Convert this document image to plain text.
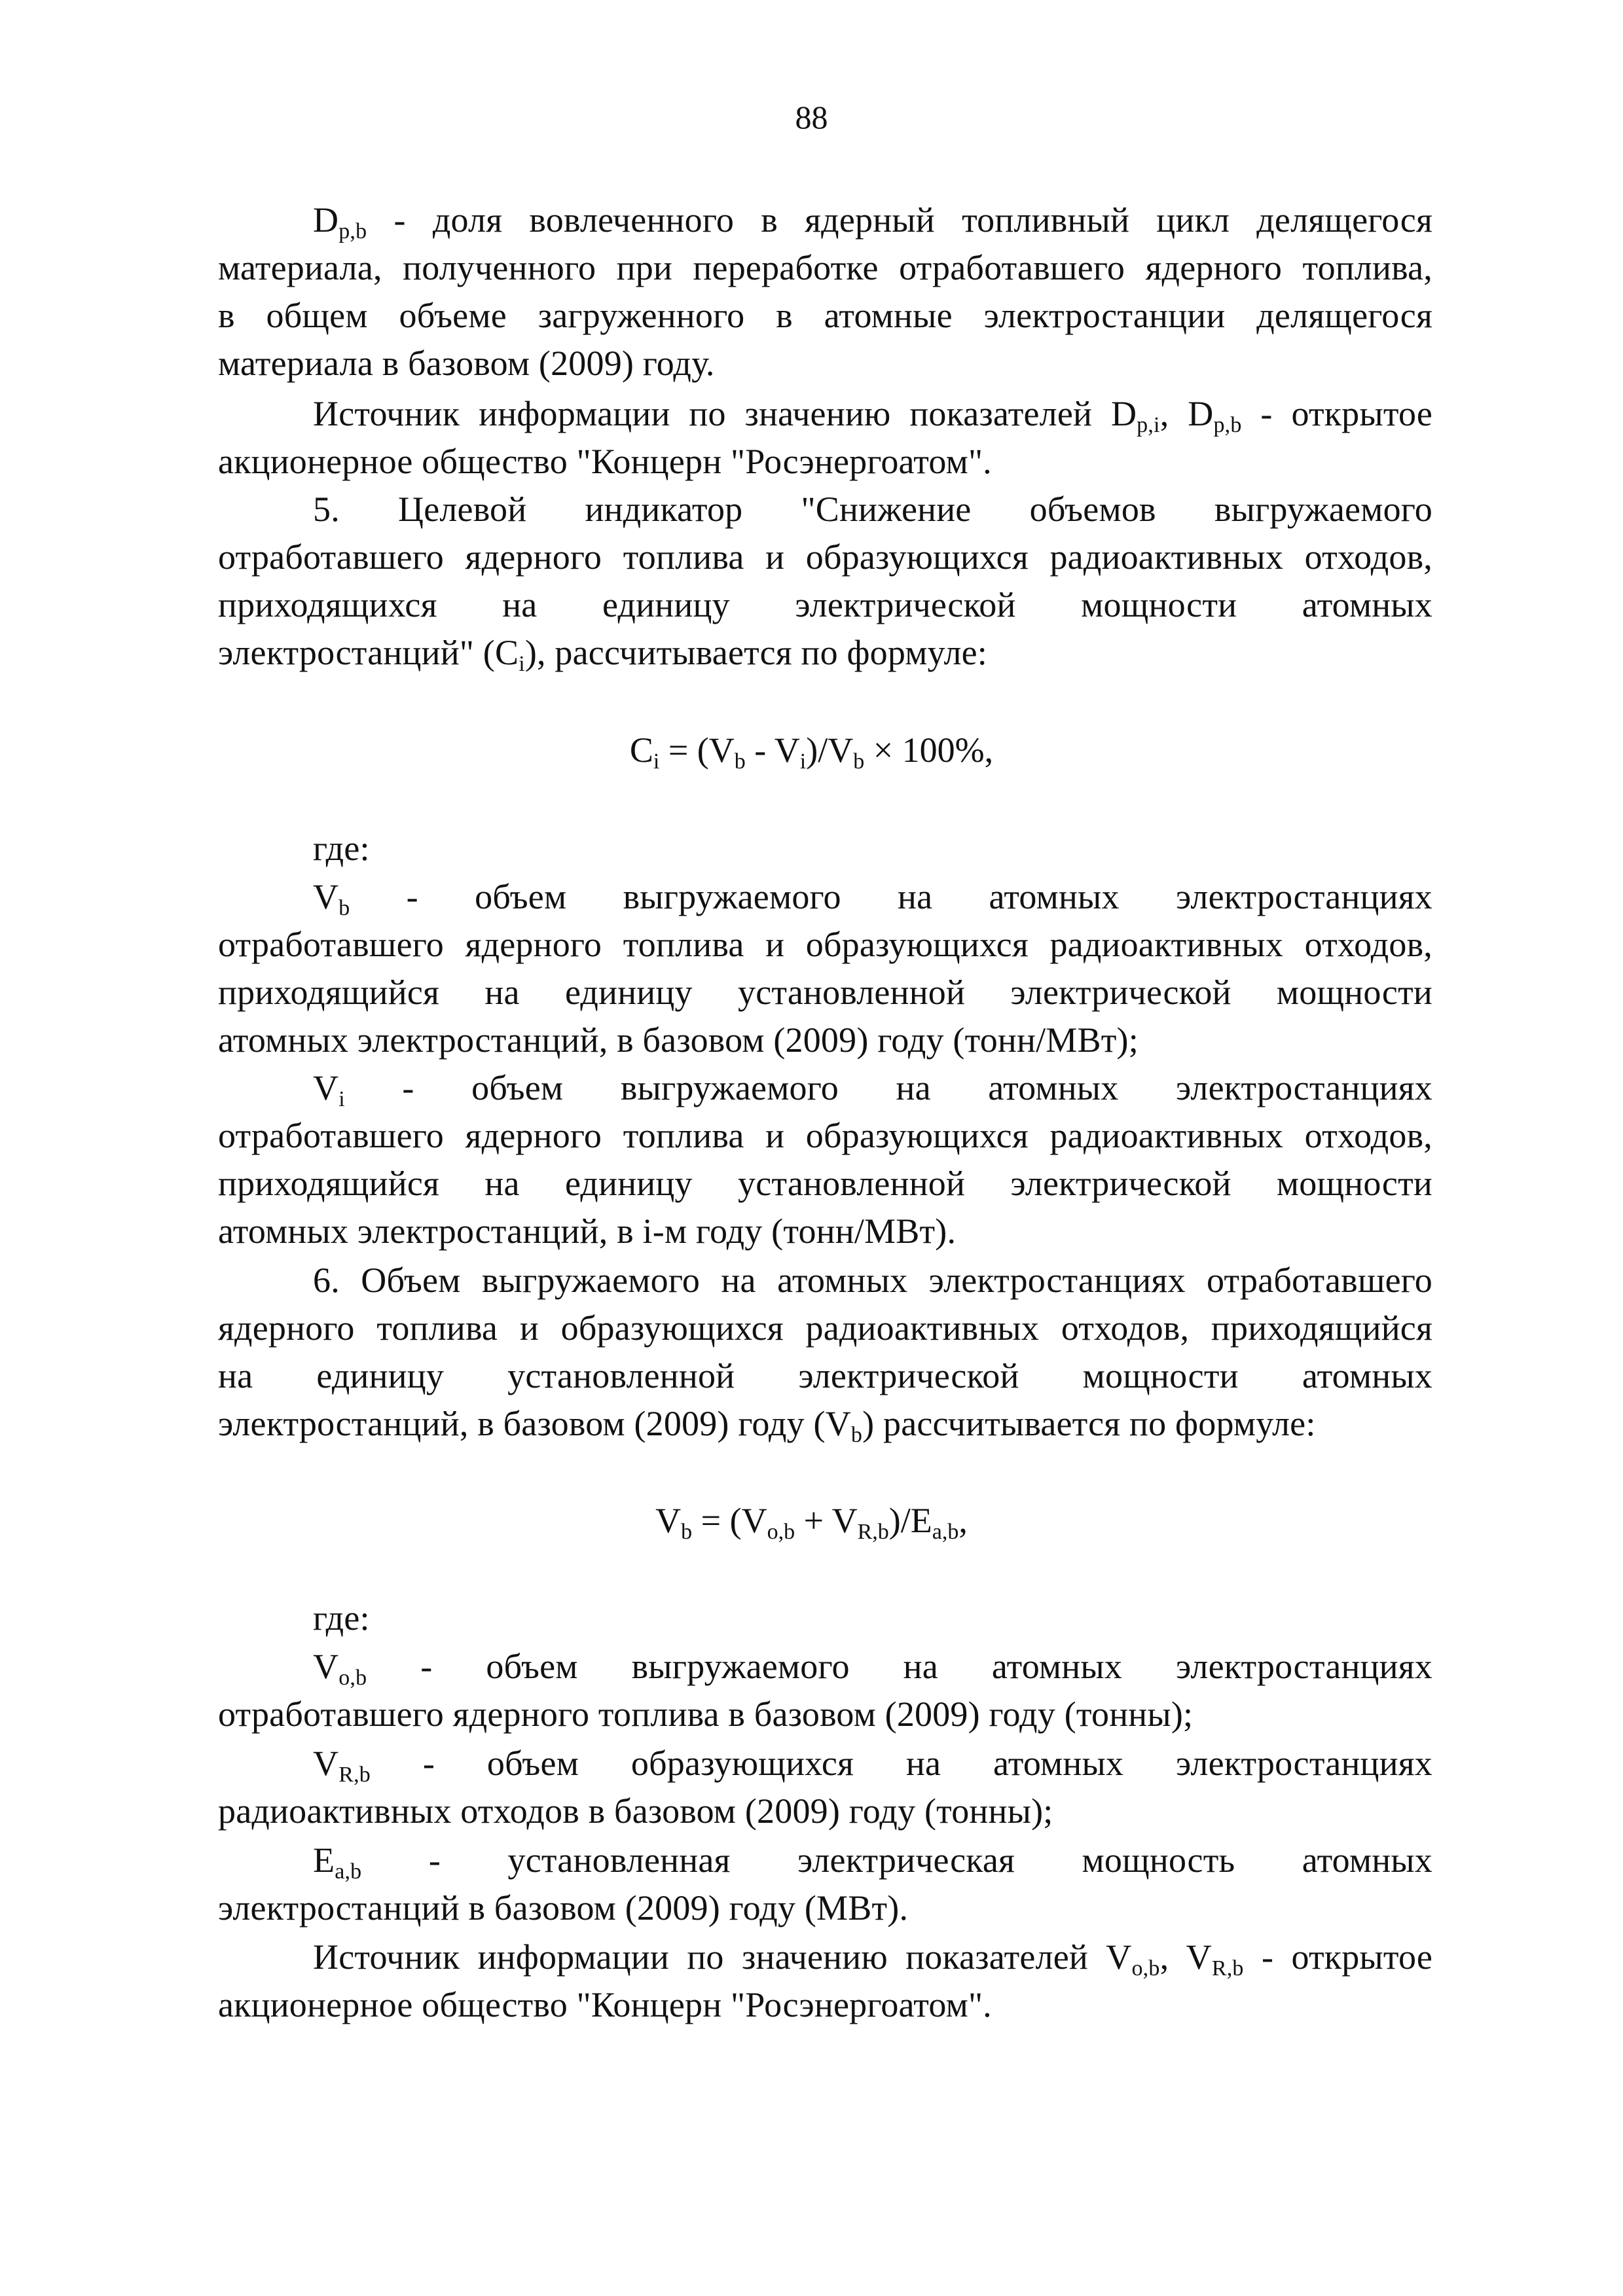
88
$D_{p,b}$ - доля вовлеченного в ядерный топливный цикл делящегося
материала, полученного при переработке отработавшего ядерного топлива,
в общем объеме загруженного в атомные электростанции делящегося
материала в базовом (2009) году.
Источник информации по значению показателей $D_{p,i}$, $D_{p,b}$ - открытое
акционерное общество "Концерн "Росэнергоатом".
5. Целевой индикатор "Снижение объемов выгружаемого
отработавшего ядерного топлива и образующихся радиоактивных отходов,
приходящихся на единицу электрической мощности атомных
электростанций" $(C_i)$, рассчитывается по формуле:
$C_i = (V_b - V_i)/V_b \times 100\%$,
где:
$V_b$ - объем выгружаемого на атомных электростанциях
отработавшего ядерного топлива и образующихся радиоактивных отходов,
приходящийся на единицу установленной электрической мощности
атомных электростанций, в базовом (2009) году (тонн/МВт);
$V_i$ - объем выгружаемого на атомных электростанциях
отработавшего ядерного топлива и образующихся радиоактивных отходов,
приходящийся на единицу установленной электрической мощности
атомных электростанций, в i-м году (тонн/МВт).
6. Объем выгружаемого на атомных электростанциях отработавшего
ядерного топлива и образующихся радиоактивных отходов, приходящийся
на единицу установленной электрической мощности атомных
электростанций, в базовом (2009) году $(V_b)$ рассчитывается по формуле:
$V_b = (V_{o,b} + V_{R,b})/E_{a,b}$,
где:
$V_{o,b}$ - объем выгружаемого на атомных электростанциях
отработавшего ядерного топлива в базовом (2009) году (тонны);
$V_{R,b}$ - объем образующихся на атомных электростанциях
радиоактивных отходов в базовом (2009) году (тонны);
$E_{a,b}$ - установленная электрическая мощность атомных
электростанций в базовом (2009) году (МВт).
Источник информации по значению показателей $V_{o,b}$, $V_{R,b}$ - открытое
акционерное общество "Концерн "Росэнергоатом".
